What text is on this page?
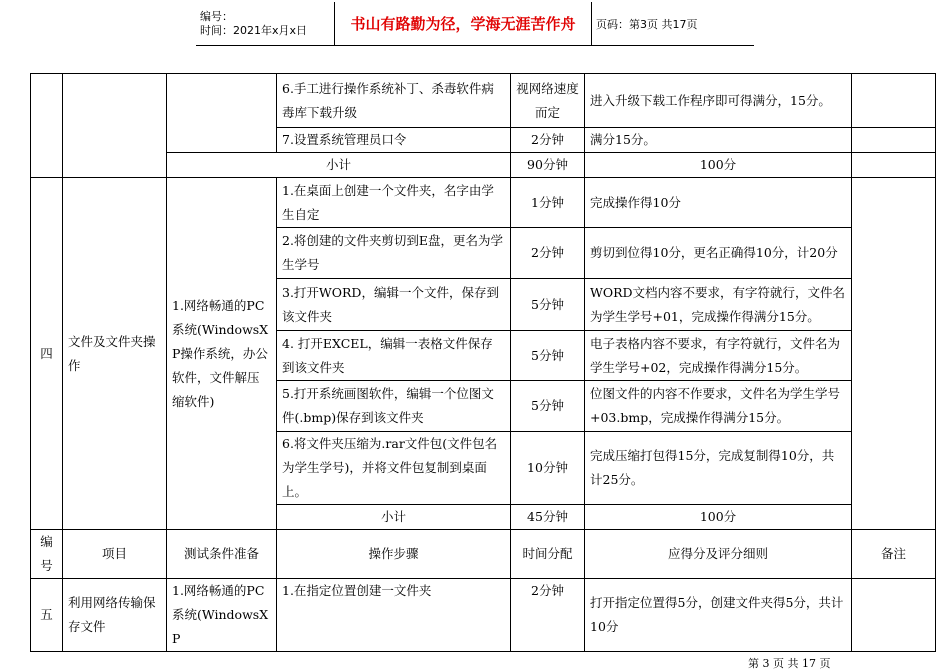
编号：
时间：2021年x月x日	书山有路勤为径，学海无涯苦作舟	页码：第3页 共17页
			6.手工进行操作系统补丁、杀毒软件病毒库下载升级	视网络速度而定	进入升级下载工作程序即可得满分，15分。	
			7.设置系统管理员口令	2分钟	满分15分。	
		小计		90分钟	100分	
四	文件及文件夹操作	1.网络畅通的PC系统(WindowsXP操作系统，办公软件，文件解压缩软件)	1.在桌面上创建一个文件夹，名字由学生自定	1分钟	完成操作得10分	
			2.将创建的文件夹剪切到E盘，更名为学生学号	2分钟	剪切到位得10分，更名正确得10分，计20分	
			3.打开WORD，编辑一个文件，保存到该文件夹	5分钟	WORD文档内容不要求，有字符就行，文件名为学生学号+01，完成操作得满分15分。	
			4. 打开EXCEL，编辑一表格文件保存到该文件夹	5分钟	电子表格内容不要求，有字符就行，文件名为学生学号+02，完成操作得满分15分。	
			5.打开系统画图软件，编辑一个位图文件(.bmp)保存到该文件夹	5分钟	位图文件的内容不作要求，文件名为学生学号+03.bmp，完成操作得满分15分。	
			6.将文件夹压缩为.rar文件包(文件包名为学生学号)，并将文件包复制到桌面上。	10分钟	完成压缩打包得15分，完成复制得10分，共计25分。	
			小计	45分钟	100分	
编号	项目	测试条件准备	操作步骤	时间分配	应得分及评分细则	备注
五	利用网络传输保存文件	1.网络畅通的PC系统(WindowsXP	1.在指定位置创建一文件夹	2分钟	打开指定位置得5分，创建文件夹得5分，共计10分	
第 3 页 共 17 页
